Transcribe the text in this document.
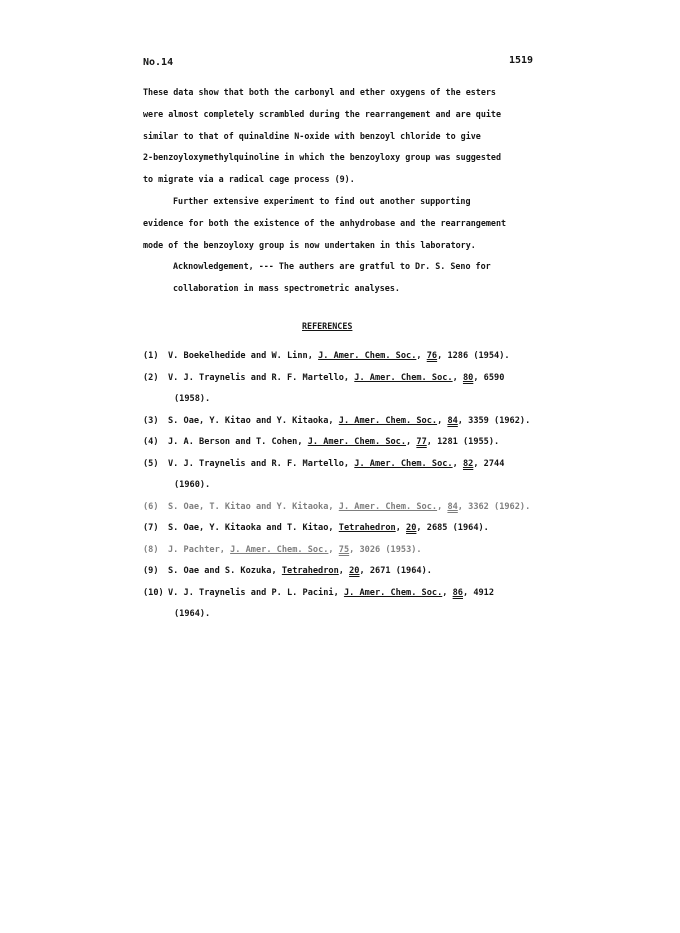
No.14	1519
These data show that both the carbonyl and ether oxygens of the esters
were almost completely scrambled during the rearrangement and are quite
similar to that of quinaldine N-oxide with benzoyl chloride to give
2-benzoyloxymethylquinoline in which the benzoyloxy group was suggested
to migrate via a radical cage process (9).
Further extensive experiment to find out another supporting
evidence for both the existence of the anhydrobase and the rearrangement
mode of the benzoyloxy group is now undertaken in this laboratory.
Acknowledgement, --- The authers are gratful to Dr. S. Seno for
collaboration in mass spectrometric analyses.
REFERENCES
(1)	V. Boekelhedide and W. Linn, J. Amer. Chem. Soc., 76, 1286 (1954).
(2)	V. J. Traynelis and R. F. Martello, J. Amer. Chem. Soc., 80, 6590
(1958).
(3)	S. Oae, Y. Kitao and Y. Kitaoka, J. Amer. Chem. Soc., 84, 3359 (1962).
(4)	J. A. Berson and T. Cohen, J. Amer. Chem. Soc., 77, 1281 (1955).
(5)	V. J. Traynelis and R. F. Martello, J. Amer. Chem. Soc., 82, 2744
(1960).
(6)	S. Oae, T. Kitao and Y. Kitaoka, J. Amer. Chem. Soc., 84, 3362 (1962).
(7)	S. Oae, Y. Kitaoka and T. Kitao, Tetrahedron, 20, 2685 (1964).
(8)	J. Pachter, J. Amer. Chem. Soc., 75, 3026 (1953).
(9)	S. Oae and S. Kozuka, Tetrahedron, 20, 2671 (1964).
(10) V. J. Traynelis and P. L. Pacini, J. Amer. Chem. Soc., 86, 4912
(1964).
